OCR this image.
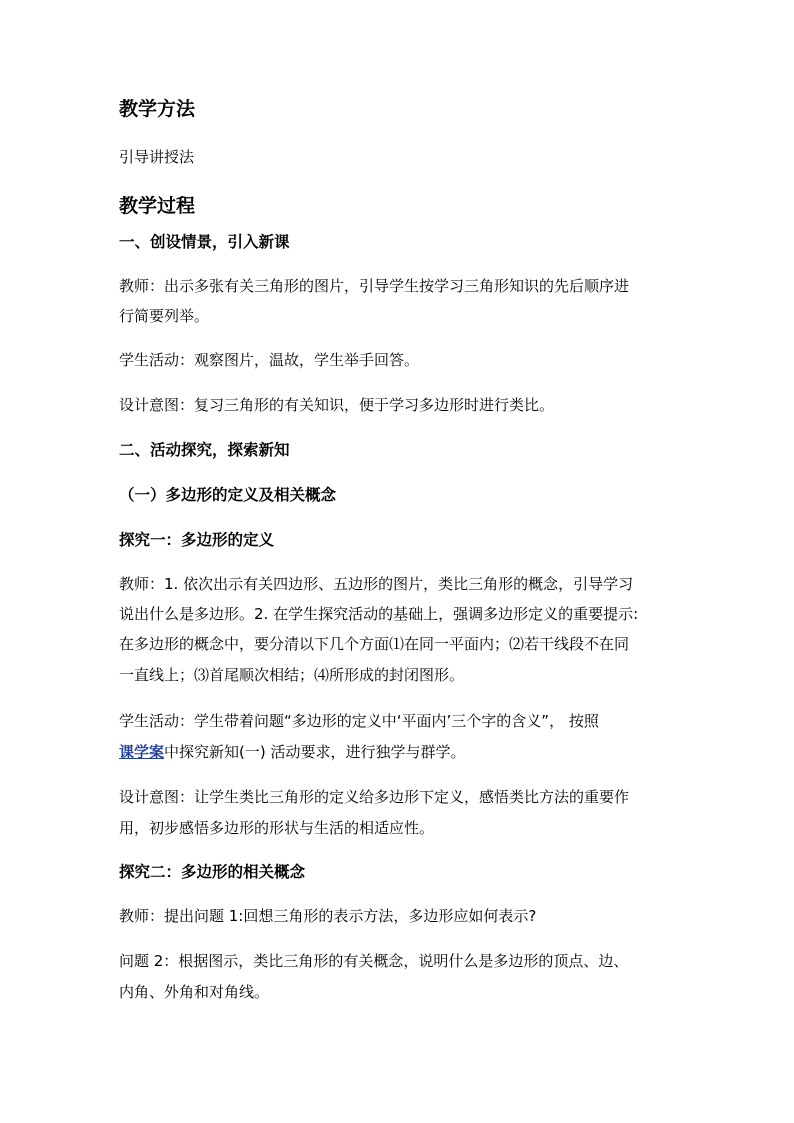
教学方法

引导讲授法

教学过程

一、创设情景，引入新课

教师：出示多张有关三角形的图片，引导学生按学习三角形知识的先后顺序进

行简要列举。

学生活动：观察图片，温故，学生举手回答。

设计意图：复习三角形的有关知识，便于学习多边形时进行类比。

二、活动探究，探索新知

（一）多边形的定义及相关概念

探究一：多边形的定义

教师：1. 依次出示有关四边形、五边形的图片，类比三角形的概念，引导学习

说出什么是多边形。2. 在学生探究活动的基础上，强调多边形定义的重要提示:

在多边形的概念中，要分清以下几个方面⑴在同一平面内；⑵若干线段不在同

一直线上；⑶首尾顺次相结；⑷所形成的封闭图形。

学生活动：学生带着问题“多边形的定义中‘平面内’三个字的含义”， 按照

课学案中探究新知(一) 活动要求，进行独学与群学。

设计意图：让学生类比三角形的定义给多边形下定义，感悟类比方法的重要作

用，初步感悟多边形的形状与生活的相适应性。

探究二：多边形的相关概念

教师：提出问题 1:回想三角形的表示方法，多边形应如何表示?

问题 2：根据图示，类比三角形的有关概念，说明什么是多边形的顶点、边、

内角、外角和对角线。
